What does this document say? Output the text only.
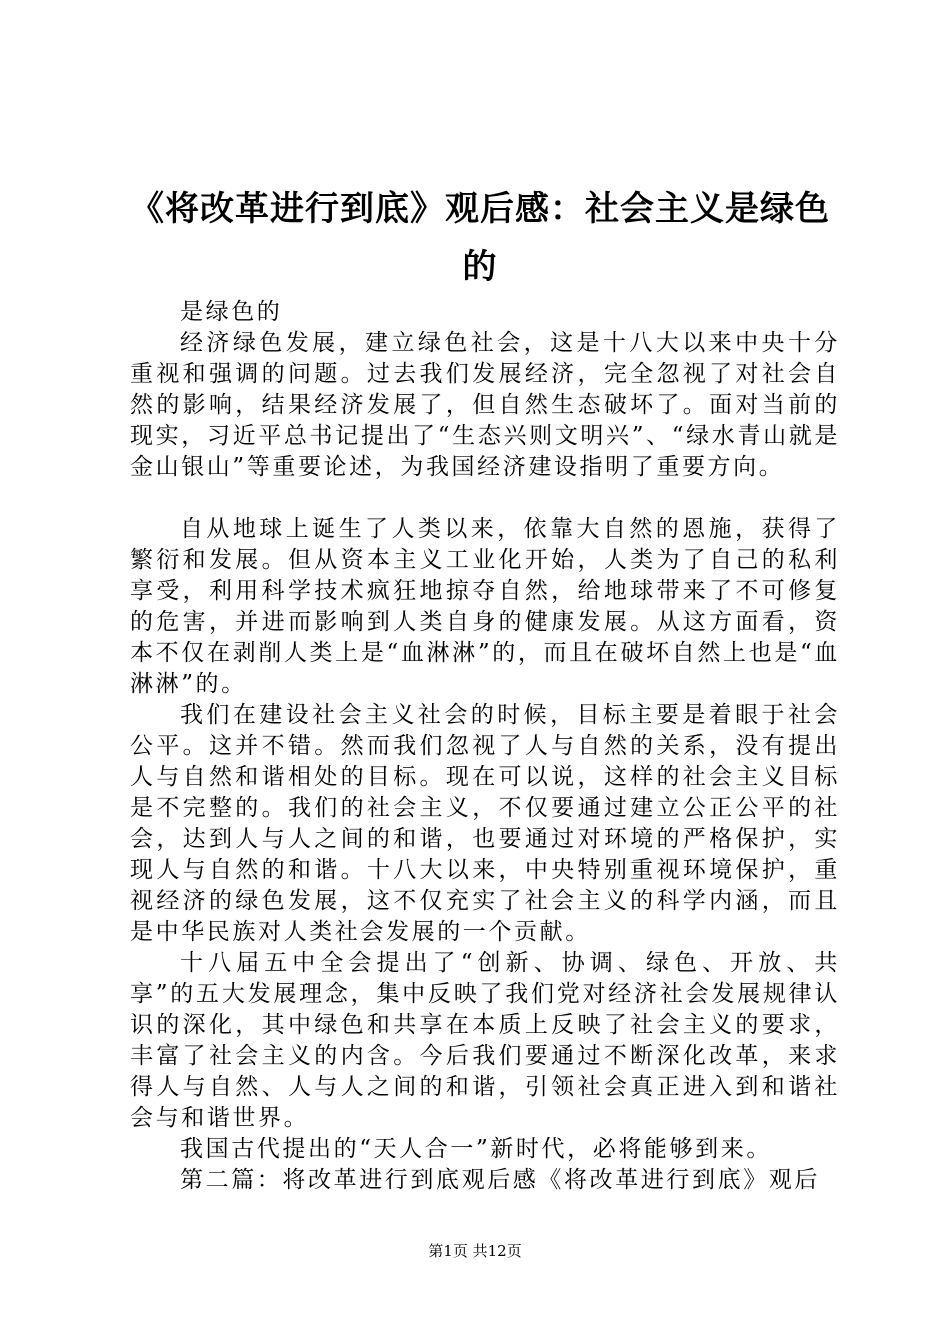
《将改革进行到底》观后感：社会主义是绿色的

是绿色的

经济绿色发展，建立绿色社会，这是十八大以来中央十分重视和强调的问题。过去我们发展经济，完全忽视了对社会自然的影响，结果经济发展了，但自然生态破坏了。面对当前的现实，习近平总书记提出了“生态兴则文明兴”、“绿水青山就是金山银山”等重要论述，为我国经济建设指明了重要方向。

自从地球上诞生了人类以来，依靠大自然的恩施，获得了繁衍和发展。但从资本主义工业化开始，人类为了自己的私利享受，利用科学技术疯狂地掠夺自然，给地球带来了不可修复的危害，并进而影响到人类自身的健康发展。从这方面看，资本不仅在剥削人类上是“血淋淋”的，而且在破坏自然上也是“血淋淋”的。

我们在建设社会主义社会的时候，目标主要是着眼于社会公平。这并不错。然而我们忽视了人与自然的关系，没有提出人与自然和谐相处的目标。现在可以说，这样的社会主义目标是不完整的。我们的社会主义，不仅要通过建立公正公平的社会，达到人与人之间的和谐，也要通过对环境的严格保护，实现人与自然的和谐。十八大以来，中央特别重视环境保护，重视经济的绿色发展，这不仅充实了社会主义的科学内涵，而且是中华民族对人类社会发展的一个贡献。

十八届五中全会提出了“创新、协调、绿色、开放、共享”的五大发展理念，集中反映了我们党对经济社会发展规律认识的深化，其中绿色和共享在本质上反映了社会主义的要求，丰富了社会主义的内含。今后我们要通过不断深化改革，来求得人与自然、人与人之间的和谐，引领社会真正进入到和谐社会与和谐世界。

我国古代提出的“天人合一”新时代，必将能够到来。

第二篇：将改革进行到底观后感《将改革进行到底》观后

第1页 共12页
